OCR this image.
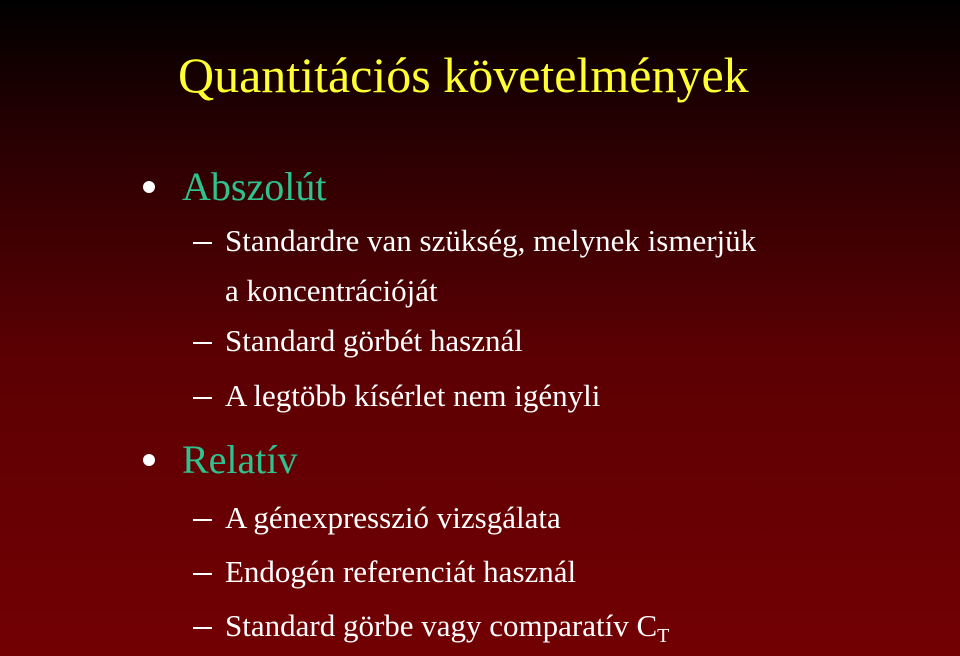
Quantitációs követelmények
Abszolút
Standardre van szükség, melynek ismerjük
a koncentrációját
Standard görbét használ
A legtöbb kísérlet nem igényli
Relatív
A génexpresszió vizsgálata
Endogén referenciát használ
Standard görbe vagy comparatív $C_T$
